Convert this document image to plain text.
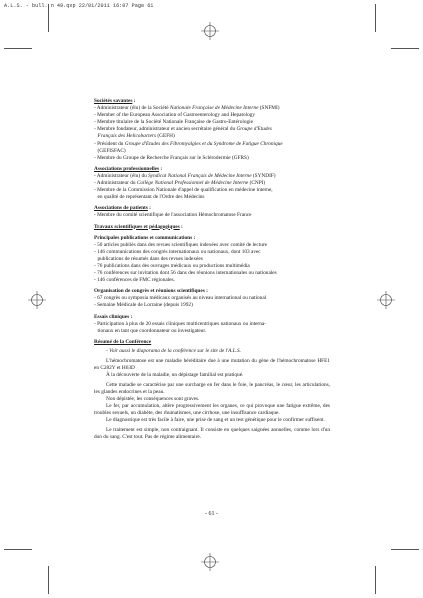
A.L.S. - bull. n 49.qxp 22/01/2011 16:07 Page 61
Sociétés savantes :
- Administrateur (élu) de la Société Nationale Française de Médecine Interne (SNFMI)
- Member of the European Association of Gastroenterology and Hepatology
- Membre titulaire de la Société Nationale Française de Gastro-Entérologie
- Membre fondateur, administrateur et ancien secrétaire général du Groupe d'Etudes
Français des Helicobacters (GEFH)
- Président du Groupe d'Etudes des Fibromyalgies et du Syndrome de Fatigue Chronique
(GEFISFAC)
- Membre du Groupe de Recherche Français sur le Sclérodermie (GFRS)
Associations professionnelles :
- Administrateur (élu) du Syndicat National Français de Médecine Interne (SYNDIF)
- Administrateur du Collège National Professionnel de Médecine Interne (CNPI)
- Membre de la Commission Nationale d'appel de qualification en médecine interne,
en qualité de représentant de l'Ordre des Médecins
Associations de patients :
- Membre du comité scientifique de l'association Hémochromatose France
Travaux scientifiques et pédagogiques :
Principales publications et communications :
- 50 articles publiés dans des revues scientifiques indexées avec comité de lecture
- 146 communications des congrès internationaux ou nationaux, dont 103 avec
publications de résumés dans des revues indexées
- 76 publications dans des ouvrages médicaux ou productions multimédia
- 76 conférences sur invitation dont 56 dans des réunions internationales ou nationales
- 146 conférences de FMC régionales.
Organisation de congrès et réunions scientifiques :
- 67 congrès ou symposia médicaux organisés au niveau international ou national
- Semaine Médicale de Lorraine (depuis 1992)
Essais cliniques :
- Participation à plus de 20 essais cliniques multicentriques nationaux ou interna-
tionaux en tant que coordonnateur ou investigateur.
Résumé de la Conférence
- Voir aussi le diaporama de la conférence sur le site de l'A.L.S.

L'hémochromatose est une maladie héréditaire due à une mutation du gène de l'hémochromatose HFE1 en C282Y et H63D

À la découverte de la maladie, un dépistage familial est pratiqué.

Cette maladie se caractérise par une surcharge en fer dans le foie, le pancréas, le cœur, les articulations, les glandes endocrines et la peau.

Non dépistée, les conséquences sont graves.

Le fer, par accumulation, altère progressivement les organes, ce qui provoque une fatigue extrême, des troubles sexuels, un diabète, des rhumatismes, une cirrhose, une insuffisance cardiaque.

Le diagnostique est très facile à faire, une prise de sang et un test génétique pour le confirmer suffisent.

Le traitement est simple, non contraignant. Il consiste en quelques saignées annuelles, comme lors d'un don du sang. C'est tout. Pas de régime alimentaire.

- 61 -
